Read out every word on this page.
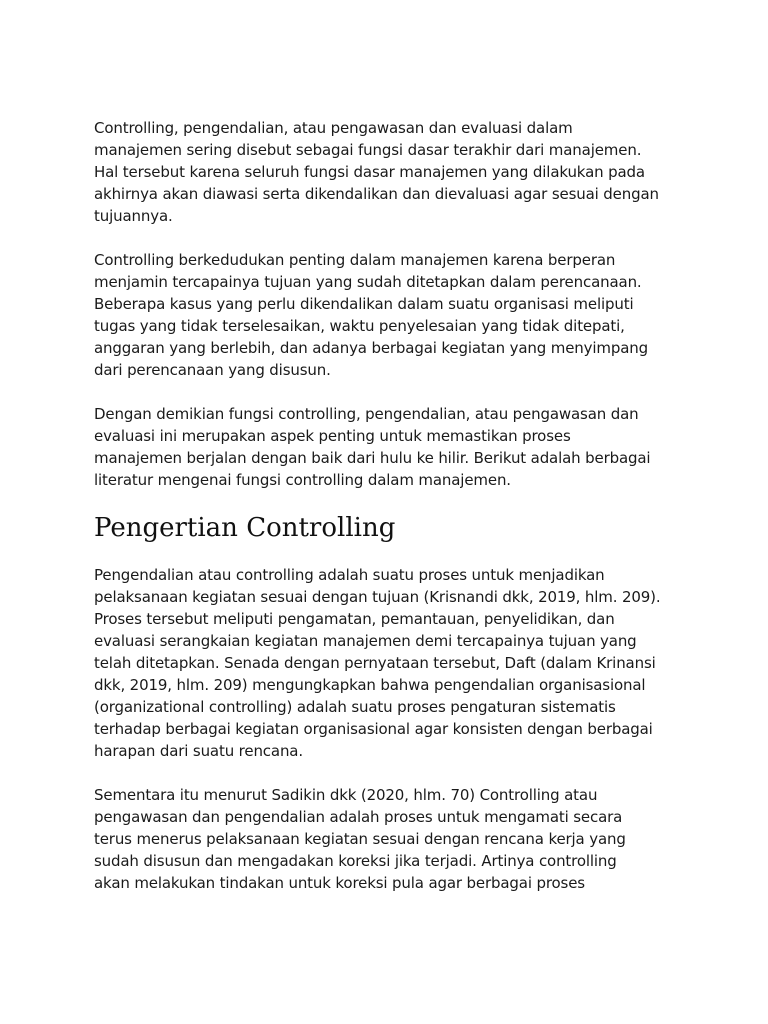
Controlling, pengendalian, atau pengawasan dan evaluasi dalam
manajemen sering disebut sebagai fungsi dasar terakhir dari manajemen.
Hal tersebut karena seluruh fungsi dasar manajemen yang dilakukan pada
akhirnya akan diawasi serta dikendalikan dan dievaluasi agar sesuai dengan
tujuannya.

Controlling berkedudukan penting dalam manajemen karena berperan
menjamin tercapainya tujuan yang sudah ditetapkan dalam perencanaan.
Beberapa kasus yang perlu dikendalikan dalam suatu organisasi meliputi
tugas yang tidak terselesaikan, waktu penyelesaian yang tidak ditepati,
anggaran yang berlebih, dan adanya berbagai kegiatan yang menyimpang
dari perencanaan yang disusun.

Dengan demikian fungsi controlling, pengendalian, atau pengawasan dan
evaluasi ini merupakan aspek penting untuk memastikan proses
manajemen berjalan dengan baik dari hulu ke hilir. Berikut adalah berbagai
literatur mengenai fungsi controlling dalam manajemen.

Pengertian Controlling

Pengendalian atau controlling adalah suatu proses untuk menjadikan
pelaksanaan kegiatan sesuai dengan tujuan (Krisnandi dkk, 2019, hlm. 209).
Proses tersebut meliputi pengamatan, pemantauan, penyelidikan, dan
evaluasi serangkaian kegiatan manajemen demi tercapainya tujuan yang
telah ditetapkan. Senada dengan pernyataan tersebut, Daft (dalam Krinansi
dkk, 2019, hlm. 209) mengungkapkan bahwa pengendalian organisasional
(organizational controlling) adalah suatu proses pengaturan sistematis
terhadap berbagai kegiatan organisasional agar konsisten dengan berbagai
harapan dari suatu rencana.

Sementara itu menurut Sadikin dkk (2020, hlm. 70) Controlling atau
pengawasan dan pengendalian adalah proses untuk mengamati secara
terus menerus pelaksanaan kegiatan sesuai dengan rencana kerja yang
sudah disusun dan mengadakan koreksi jika terjadi. Artinya controlling
akan melakukan tindakan untuk koreksi pula agar berbagai proses
